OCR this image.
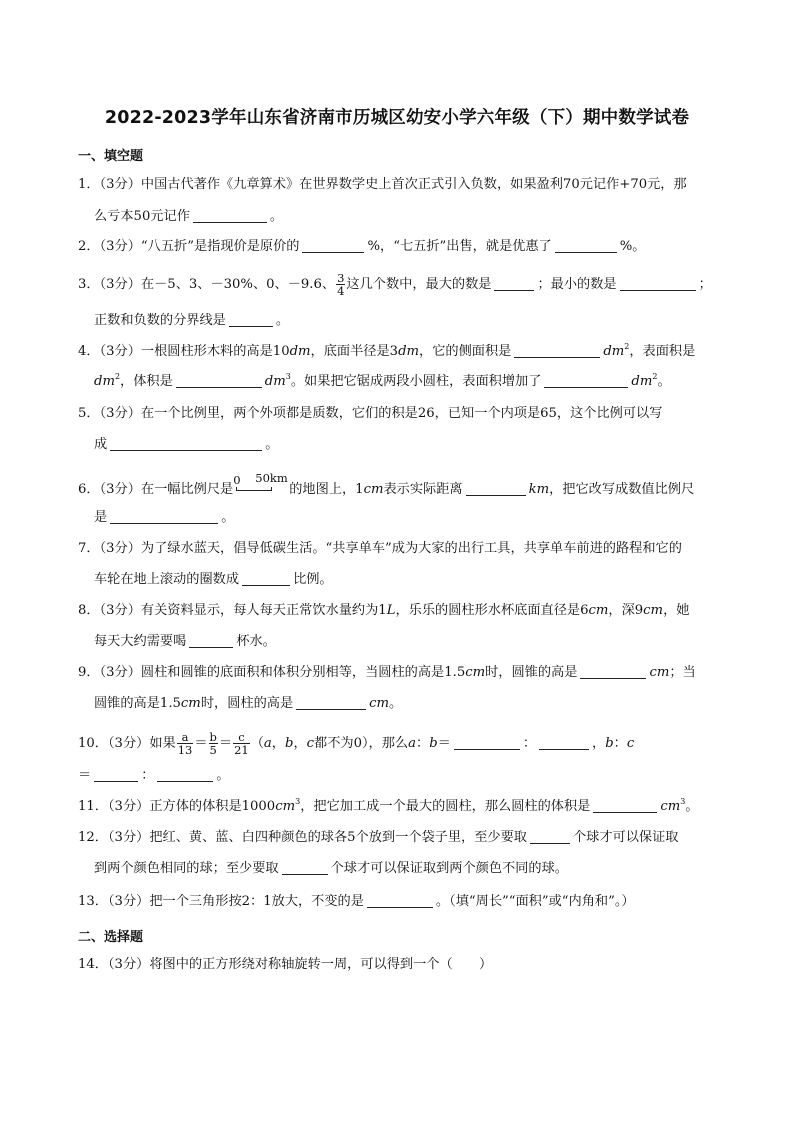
2022-2023学年山东省济南市历城区幼安小学六年级（下）期中数学试卷
一、填空题
1．（3分）中国古代著作《九章算术》在世界数学史上首次正式引入负数，如果盈利70元记作+70元，那
么亏本50元记作	。
2．（3分）“八五折”是指现价是原价的	%，“七五折”出售，就是优惠了	%。
3．（3分）在－5、3、－30%、0、－9.6、 $\frac{3}{4}$ 这几个数中，最大的数是	；最小的数是	；
正数和负数的分界线是	。
4．（3分）一根圆柱形木料的高是10dm，底面半径是3dm，它的侧面积是	$dm^2$，表面积是
$dm^2$，体积是	$dm^3$。如果把它锯成两段小圆柱，表面积增加了	$dm^2$。
5．（3分）在一个比例里，两个外项都是质数，它们的积是26，已知一个内项是65，这个比例可以写
成	。
6．（3分）在一幅比例尺是
0 50km
的地图上，1cm表示实际距离	km，把它改写成数值比例尺
是	。
7．（3分）为了绿水蓝天，倡导低碳生活。“共享单车”成为大家的出行工具，共享单车前进的路程和它的
车轮在地上滚动的圈数成	比例。
8．（3分）有关资料显示，每人每天正常饮水量约为1L，乐乐的圆柱形水杯底面直径是6cm，深9cm，她
每天大约需要喝	杯水。
9．（3分）圆柱和圆锥的底面积和体积分别相等，当圆柱的高是1.5cm时，圆锥的高是	cm；当
圆锥的高是1.5cm时，圆柱的高是	cm。
10．（3分）如果 $\frac{a}{13} = \frac{b}{5} = \frac{c}{21} (a$，b，c都不为0），那么a：b＝	：	，b：c
＝	：	。
11．（3分）正方体的体积是$1000cm^3$，把它加工成一个最大的圆柱，那么圆柱的体积是	$cm^3$。
12．（3分）把红、黄、蓝、白四种颜色的球各5个放到一个袋子里，至少要取	个球才可以保证取
到两个颜色相同的球；至少要取	个球才可以保证取到两个颜色不同的球。
13．（3分）把一个三角形按2：1放大，不变的是	。（填“周长”“面积”或“内角和”。）
二、选择题
14．（3分）将图中的正方形绕对称轴旋转一周，可以得到一个（　　）
